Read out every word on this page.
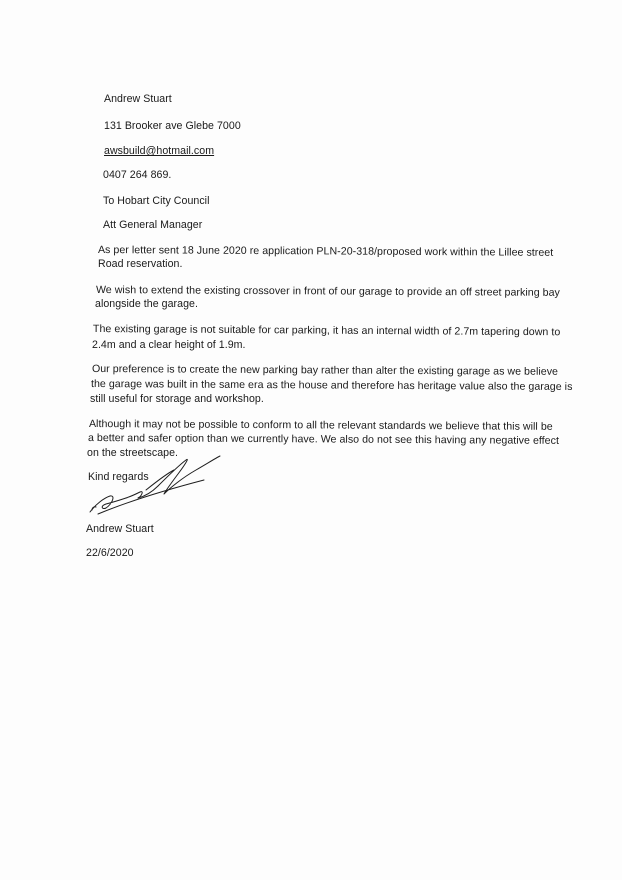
Andrew Stuart
131 Brooker ave Glebe 7000
awsbuild@hotmail.com
0407 264 869.
To Hobart City Council
Att General Manager
As per letter sent 18 June 2020 re application PLN-20-318/proposed work within the Lillee street
Road reservation.
We wish to extend the existing crossover in front of our garage to provide an off street parking bay
alongside the garage.
The existing garage is not suitable for car parking, it has an internal width of 2.7m tapering down to
2.4m and a clear height of 1.9m.
Our preference is to create the new parking bay rather than alter the existing garage as we believe
the garage was built in the same era as the house and therefore has heritage value also the garage is
still useful for storage and workshop.
Although it may not be possible to conform to all the relevant standards we believe that this will be
a better and safer option than we currently have. We also do not see this having any negative effect
on the streetscape.
Kind regards
Andrew Stuart
22/6/2020
